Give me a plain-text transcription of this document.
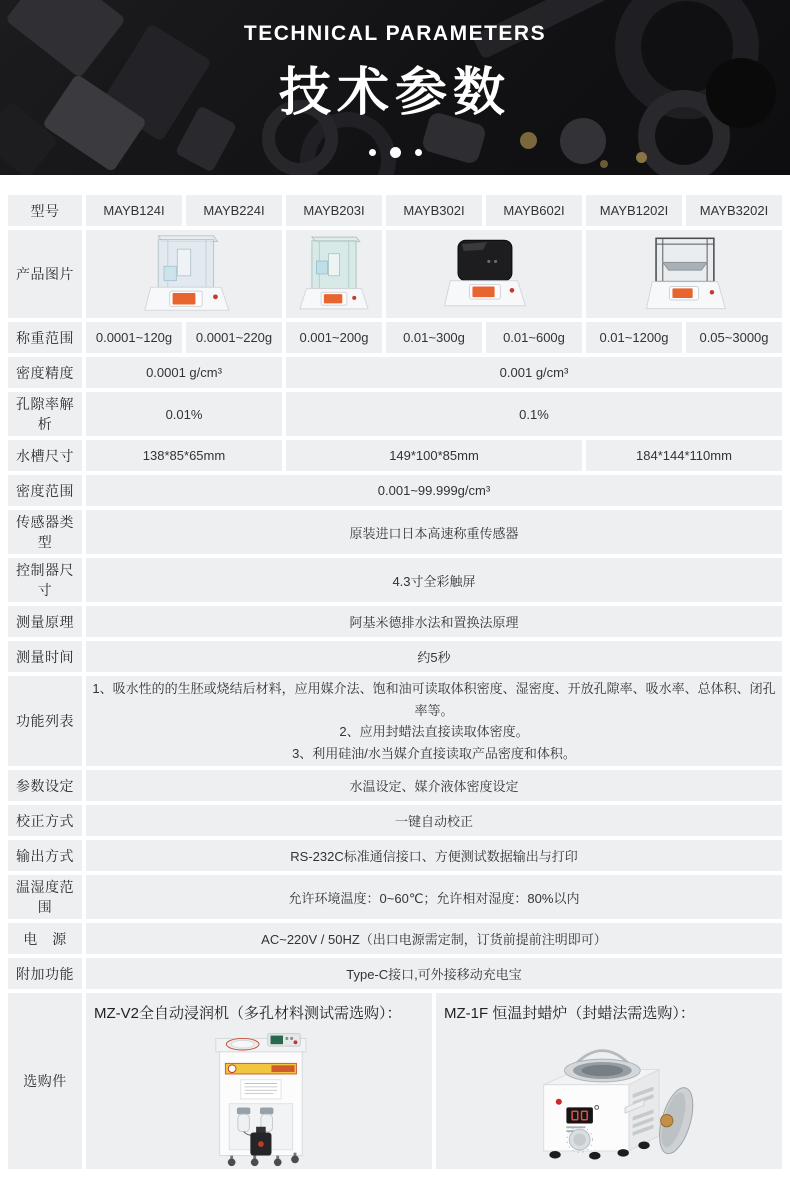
TECHNICAL PARAMETERS
技术参数
型号	MAYB124I	MAYB224I	MAYB203I	MAYB302I	MAYB602I	MAYB1202I	MAYB3202I
产品图片				
称重范围	0.0001~120g	0.0001~220g	0.001~200g	0.01~300g	0.01~600g	0.01~1200g	0.05~3000g
密度精度	0.0001 g/cm³		0.001 g/cm³				
孔隙率解析	0.01%		0.1%				
水槽尺寸	138*85*65mm		149*100*85mm			184*144*110mm	
密度范围	0.001~99.999g/cm³						
传感器类型	原装进口日本高速称重传感器						
控制器尺寸	4.3寸全彩触屏						
测量原理	阿基米德排水法和置换法原理						
测量时间	约5秒						
功能列表	1、吸水性的的生胚或烧结后材料，应用媒介法、饱和油可读取体积密度、湿密度、开放孔隙率、吸水率、总体积、闭孔率等。
2、应用封蜡法直接读取体密度。
3、利用硅油/水当媒介直接读取产品密度和体积。						

参数设定	水温设定、媒介液体密度设定						
校正方式	一键自动校正						
输出方式	RS-232C标准通信接口、方便测试数据输出与打印						
温湿度范围	允许环境温度：0~60℃；允许相对湿度：80%以内						
电　源	AC~220V / 50HZ（出口电源需定制，订货前提前注明即可）						
附加功能	Type-C接口,可外接移动充电宝						
选购件	MZ-V2全自动浸润机（多孔材料测试需选购）： MZ-1F 恒温封蜡炉（封蜡法需选购）：						
